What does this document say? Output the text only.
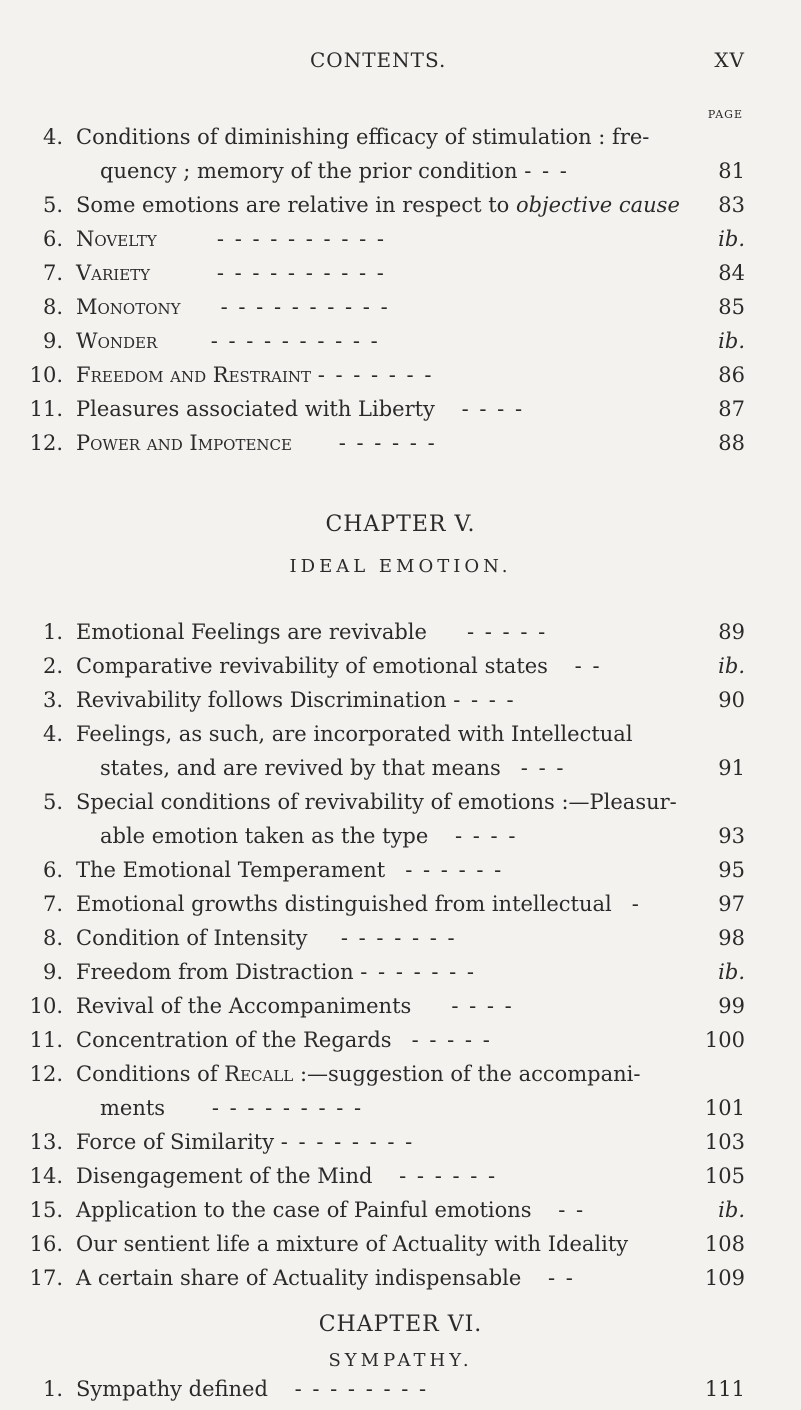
CONTENTS.	XV
PAGE
4. Conditions of diminishing efficacy of stimulation : fre-
quency ; memory of the prior condition - - -	81
5. Some emotions are relative in respect to objective cause 83
6. Novelty	- - - - - - - - - -	ib.
7. Variety	- - - - - - - - - -	84
8. Monotony - - - - - - - - - -	85
9. Wonder	- - - - - - - - - -	ib.
10. Freedom and Restraint - - - - - - -	86
11. Pleasures associated with Liberty - - - -	87
12. Power and Impotence - - - - - -	88
CHAPTER V.
IDEAL EMOTION.
1. Emotional Feelings are revivable - - - - -	89
2. Comparative revivability of emotional states - -	ib.
3. Revivability follows Discrimination - - - -	90
4. Feelings, as such, are incorporated with Intellectual
states, and are revived by that means - - -	91
5. Special conditions of revivability of emotions :—Pleasur-
able emotion taken as the type - - - -	93
6. The Emotional Temperament - - - - - -	95
7. Emotional growths distinguished from intellectual -	97
8. Condition of Intensity - - - - - - -	98
9. Freedom from Distraction - - - - - - -	ib.
10. Revival of the Accompaniments - - - -	99
11. Concentration of the Regards - - - - -	100
12. Conditions of Recall :—suggestion of the accompani-
ments - - - - - - - - -	101
13. Force of Similarity - - - - - - - -	103
14. Disengagement of the Mind - - - - - -	105
15. Application to the case of Painful emotions - -	ib.
16. Our sentient life a mixture of Actuality with Ideality	108
17. A certain share of Actuality indispensable - -	109
CHAPTER VI.
SYMPATHY.
1. Sympathy defined - - - - - - - -	111
